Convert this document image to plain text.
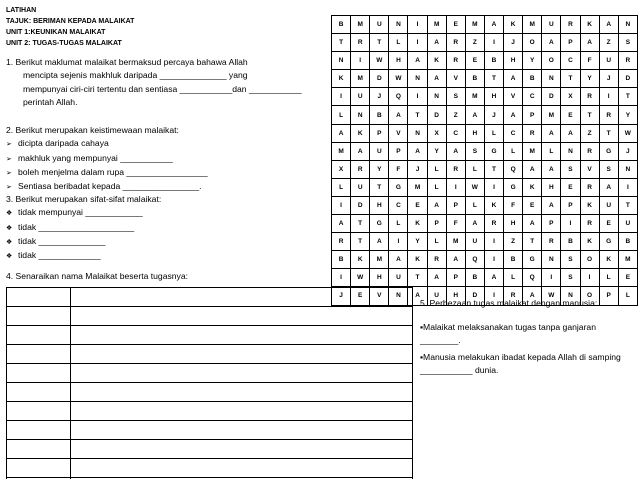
LATIHAN
TAJUK: BERIMAN KEPADA MALAIKAT
UNIT 1:KEUNIKAN MALAIKAT
UNIT 2: TUGAS-TUGAS MALAIKAT
1. Berikut maklumat malaikat bermaksud percaya bahawa Allah
mencipta sejenis makhluk daripada ______________ yang
mempunyai ciri-ciri tertentu dan sentiasa ___________dan ___________
perintah Allah.
2. Berikut merupakan keistimewaan malaikat:
➢ dicipta daripada cahaya
➢ makhluk yang mempunyai ___________
➢ boleh menjelma dalam rupa _________________
➢ Sentiasa beribadat kepada ________________.
3. Berikut merupakan sifat-sifat malaikat:
❖ tidak mempunyai ____________
❖ tidak ____________________
❖ tidak ______________
❖ tidak _____________
4. Senaraikan nama Malaikat beserta tugasnya:
B	M	U	N	I	M	E	M	A	K	M	U	R	K	A	N
T	R	T	L	I	A	R	Z	I	J	O	A	P	A	Z	S
N	I	W	H	A	K	R	E	B	H	Y	O	C	F	U	R
K	M	D	W	N	A	V	B	T	A	B	N	T	Y	J	D
I	U	J	Q	I	N	S	M	H	V	C	D	X	R	I	T
L	N	B	A	T	D	Z	A	J	A	P	M	E	T	R	Y
A	K	P	V	N	X	C	H	L	C	R	A	A	Z	T	W
M	A	U	P	A	Y	A	S	G	L	M	L	N	R	G	J
X	R	Y	F	J	L	R	L	T	Q	A	A	S	V	S	N
L	U	T	G	M	L	I	W	I	G	K	H	E	R	A	I
I	D	H	C	E	A	P	L	K	F	E	A	P	K	U	T
A	T	G	L	K	P	F	A	R	H	A	P	I	R	E	U
R	T	A	I	Y	L	M	U	I	Z	T	R	B	K	G	B
B	K	M	A	K	R	A	Q	I	B	G	N	S	O	K	M
I	W	H	U	T	A	P	B	A	L	Q	I	S	I	L	E
J	E	V	N	A	U	H	D	I	R	A	W	N	O	P	L

5. Perbezaan tugas malaikat dengan manusia:
▪Malaikat melaksanakan tugas tanpa ganjaran ________.
▪Manusia melakukan ibadat kepada Allah di samping ___________ dunia.
